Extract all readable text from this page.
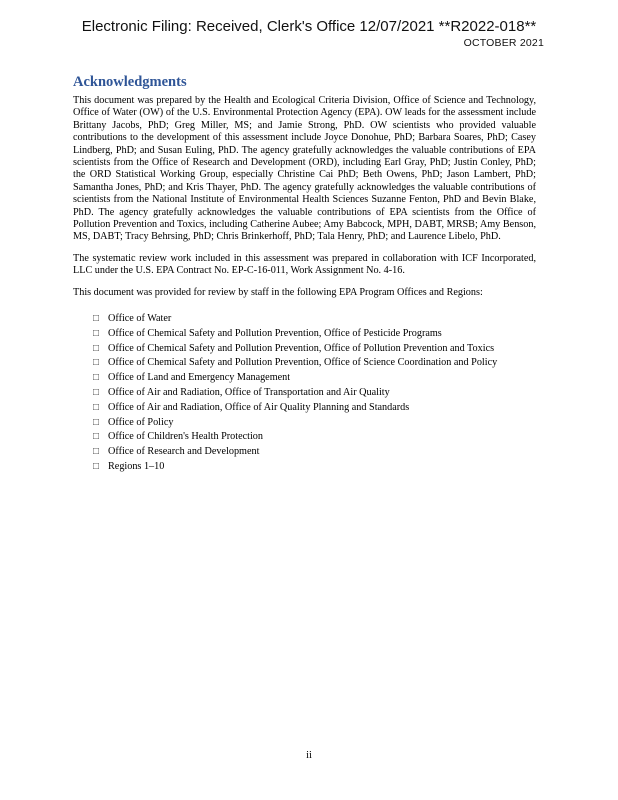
Electronic Filing: Received, Clerk's Office 12/07/2021 **R2022-018**
OCTOBER 2021
Acknowledgments

This document was prepared by the Health and Ecological Criteria Division, Office of Science and Technology, Office of Water (OW) of the U.S. Environmental Protection Agency (EPA). OW leads for the assessment include Brittany Jacobs, PhD; Greg Miller, MS; and Jamie Strong, PhD. OW scientists who provided valuable contributions to the development of this assessment include Joyce Donohue, PhD; Barbara Soares, PhD; Casey Lindberg, PhD; and Susan Euling, PhD. The agency gratefully acknowledges the valuable contributions of EPA scientists from the Office of Research and Development (ORD), including Earl Gray, PhD; Justin Conley, PhD; the ORD Statistical Working Group, especially Christine Cai PhD; Beth Owens, PhD; Jason Lambert, PhD; Samantha Jones, PhD; and Kris Thayer, PhD. The agency gratefully acknowledges the valuable contributions of scientists from the National Institute of Environmental Health Sciences Suzanne Fenton, PhD and Bevin Blake, PhD. The agency gratefully acknowledges the valuable contributions of EPA scientists from the Office of Pollution Prevention and Toxics, including Catherine Aubee; Amy Babcock, MPH, DABT, MRSB; Amy Benson, MS, DABT; Tracy Behrsing, PhD; Chris Brinkerhoff, PhD; Tala Henry, PhD; and Laurence Libelo, PhD.

The systematic review work included in this assessment was prepared in collaboration with ICF Incorporated, LLC under the U.S. EPA Contract No. EP-C-16-011, Work Assignment No. 4-16.

This document was provided for review by staff in the following EPA Program Offices and Regions:

□ Office of Water
□ Office of Chemical Safety and Pollution Prevention, Office of Pesticide Programs
□ Office of Chemical Safety and Pollution Prevention, Office of Pollution Prevention and Toxics
□ Office of Chemical Safety and Pollution Prevention, Office of Science Coordination and Policy
□ Office of Land and Emergency Management
□ Office of Air and Radiation, Office of Transportation and Air Quality
□ Office of Air and Radiation, Office of Air Quality Planning and Standards
□ Office of Policy
□ Office of Children's Health Protection
□ Office of Research and Development
□ Regions 1–10
ii
